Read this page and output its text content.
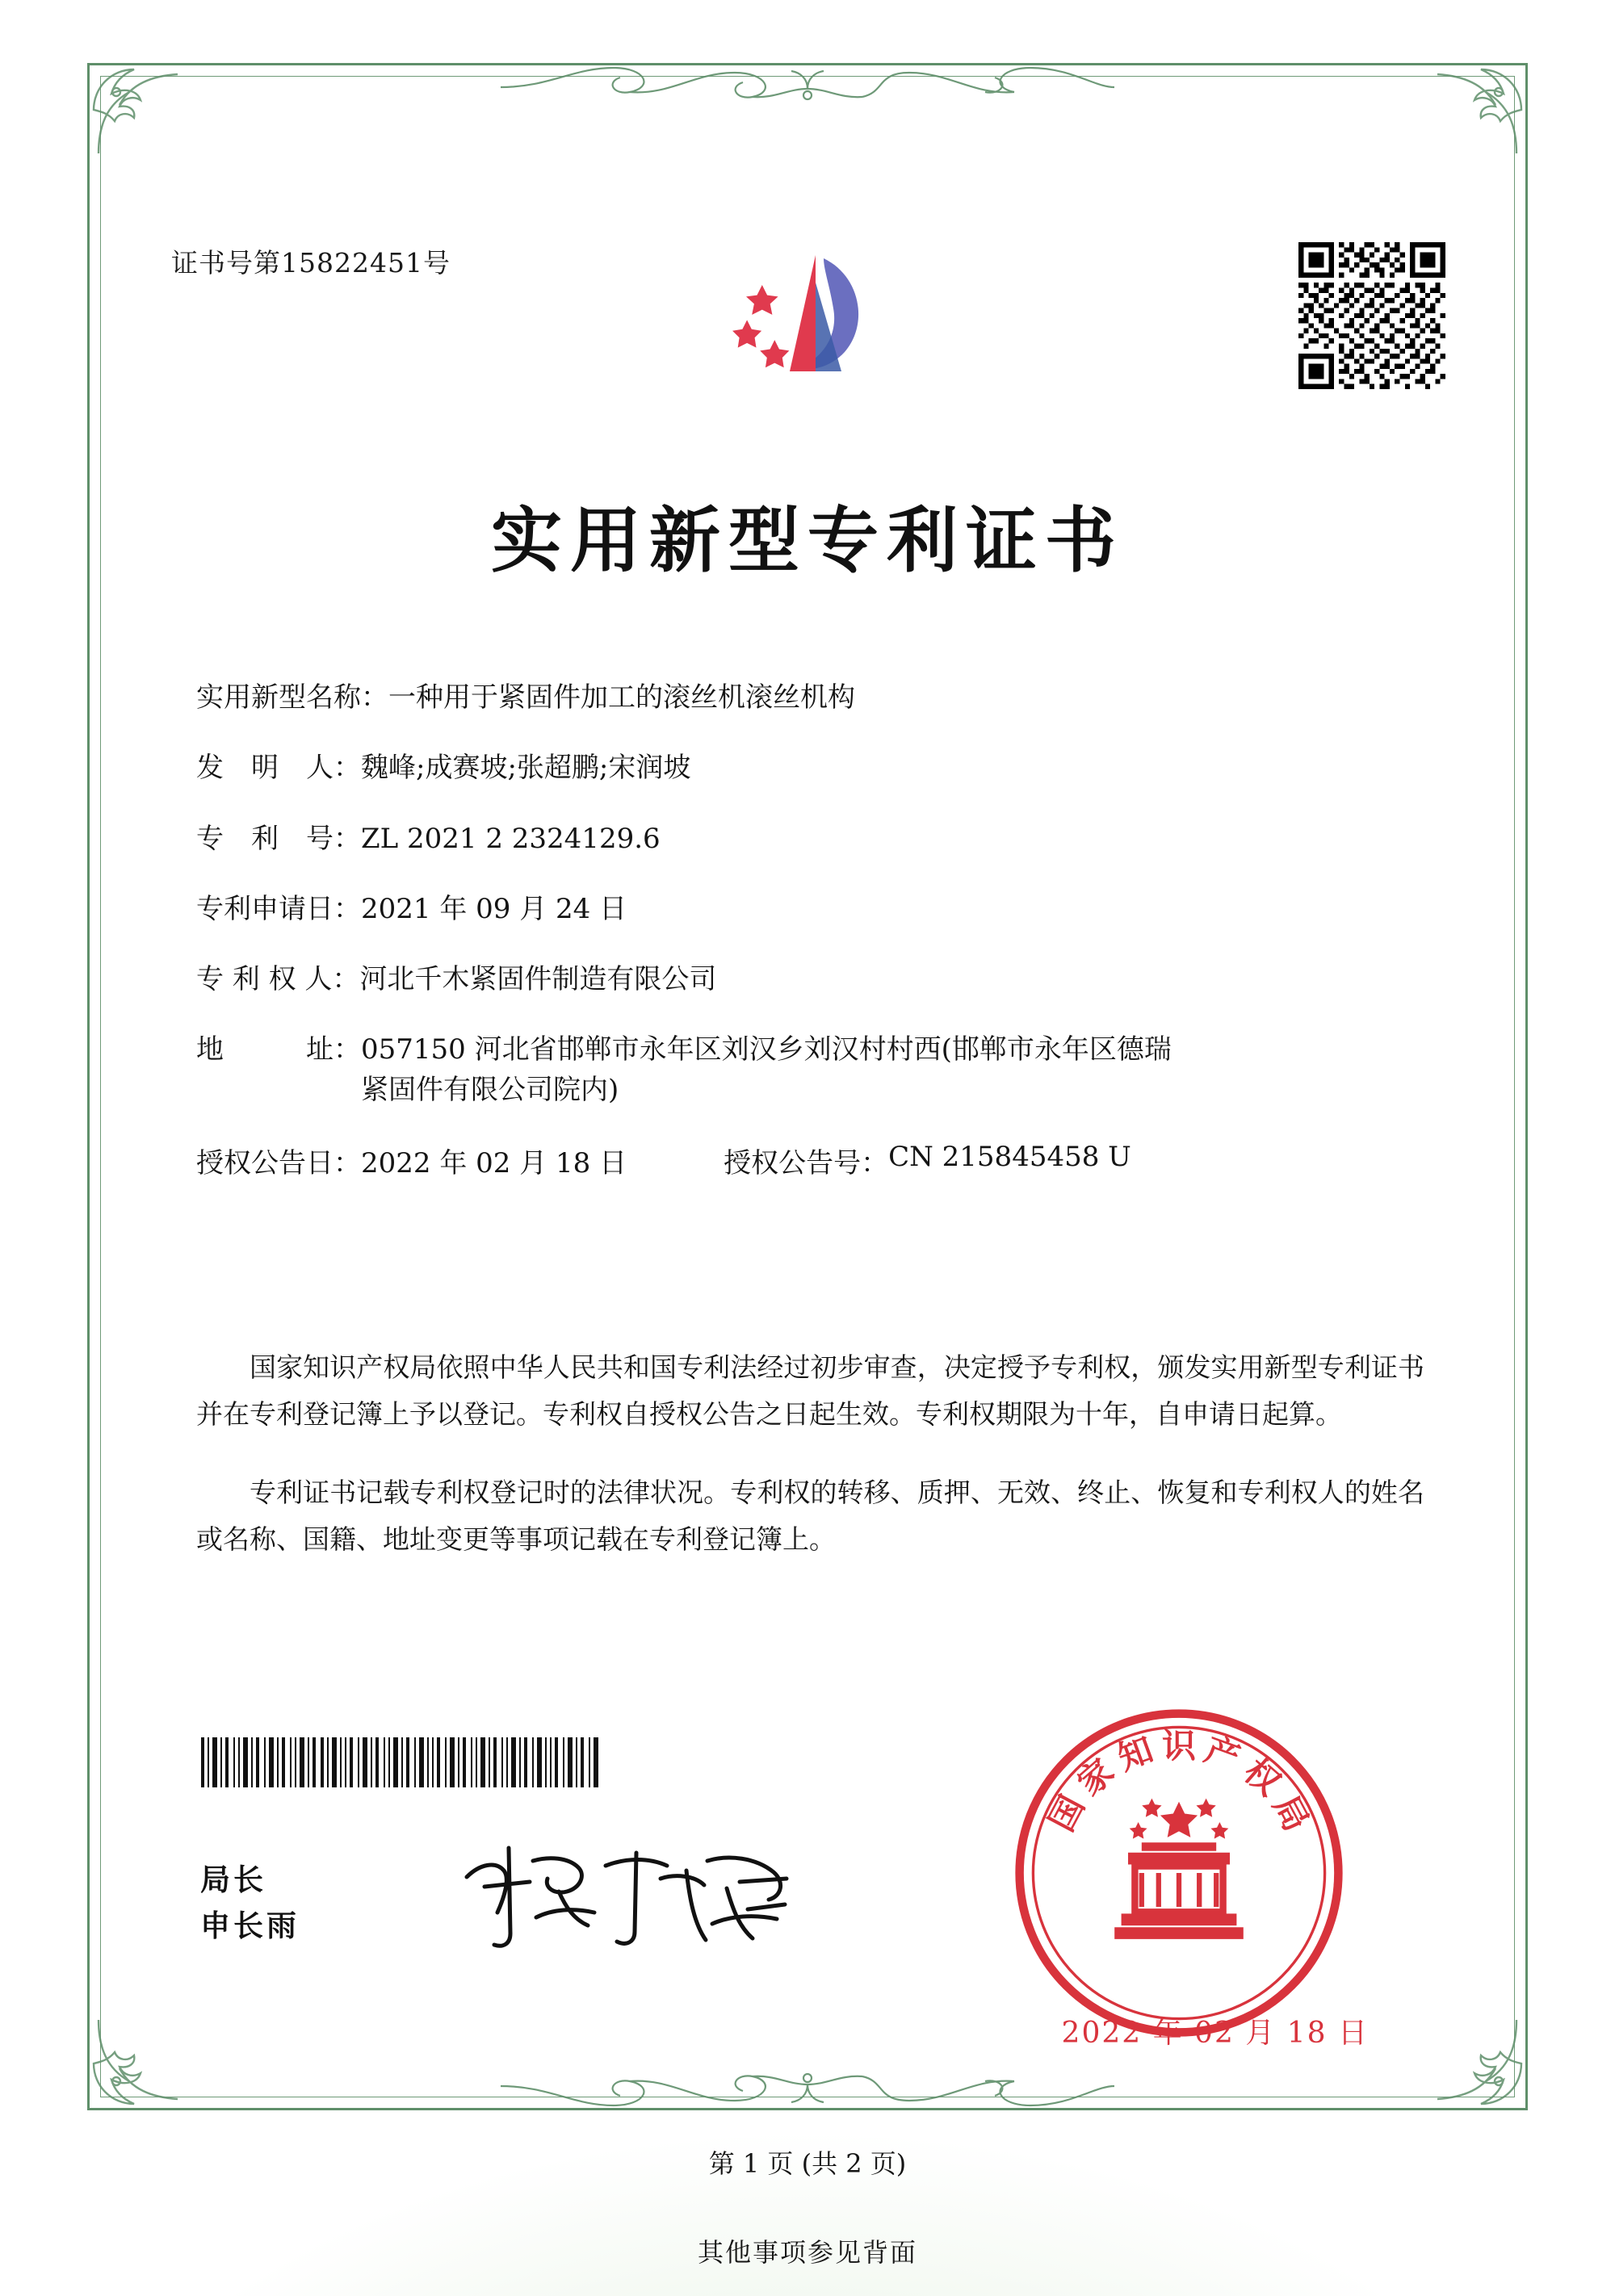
证书号第15822451号
实用新型专利证书
实用新型名称： 一种用于紧固件加工的滚丝机滚丝机构
发　明　人： 魏峰;成赛坡;张超鹏;宋润坡
专　利　号： ZL 2021 2 2324129.6
专利申请日： 2021 年 09 月 24 日
专 利 权 人： 河北千木紧固件制造有限公司
地　　　址： 057150 河北省邯郸市永年区刘汉乡刘汉村村西(邯郸市永年区德瑞紧固件有限公司院内)
授权公告日： 2022 年 02 月 18 日	授权公告号： CN 215845458 U
国家知识产权局依照中华人民共和国专利法经过初步审查，决定授予专利权，颁发实用新型专利证书并在专利登记簿上予以登记。专利权自授权公告之日起生效。专利权期限为十年，自申请日起算。
专利证书记载专利权登记时的法律状况。专利权的转移、质押、无效、终止、恢复和专利权人的姓名或名称、国籍、地址变更等事项记载在专利登记簿上。
局长
申长雨
国
家
知 识 产
权
局
2022 年 02 月 18 日
第 1 页 (共 2 页)
其他事项参见背面
